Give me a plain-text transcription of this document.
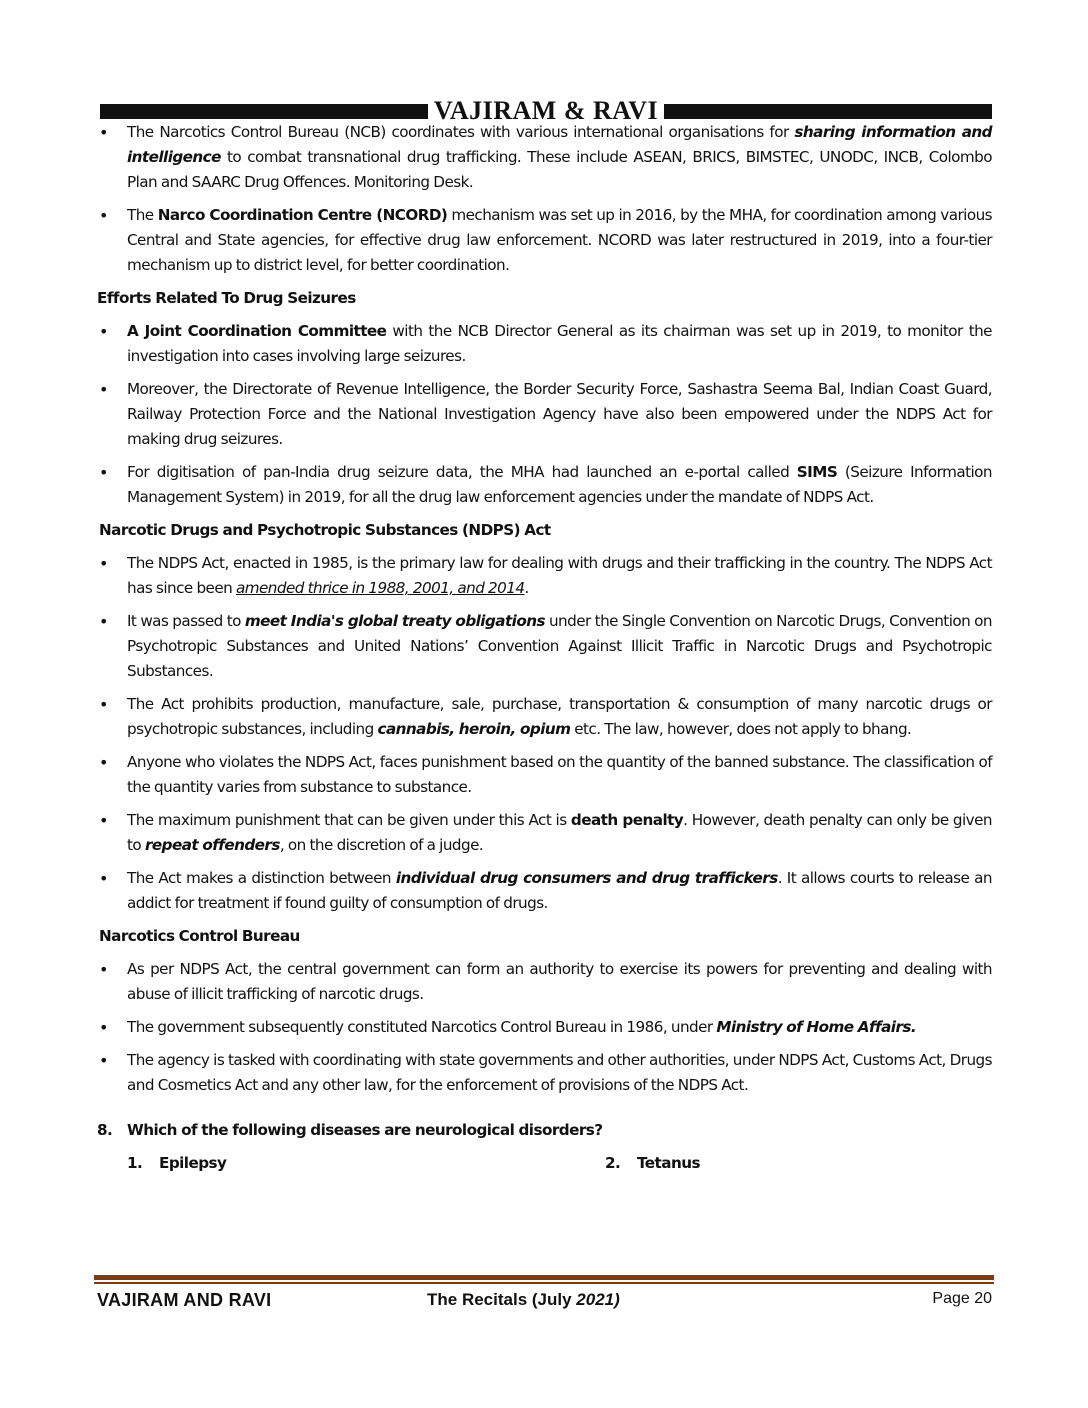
VAJIRAM & RAVI
• The Narcotics Control Bureau (NCB) coordinates with various international organisations for sharing information and intelligence to combat transnational drug trafficking. These include ASEAN, BRICS, BIMSTEC, UNODC, INCB, Colombo Plan and SAARC Drug Offences. Monitoring Desk.
• The Narco Coordination Centre (NCORD) mechanism was set up in 2016, by the MHA, for coordination among various Central and State agencies, for effective drug law enforcement. NCORD was later restructured in 2019, into a four-tier mechanism up to district level, for better coordination.
Efforts Related To Drug Seizures
• A Joint Coordination Committee with the NCB Director General as its chairman was set up in 2019, to monitor the investigation into cases involving large seizures.
• Moreover, the Directorate of Revenue Intelligence, the Border Security Force, Sashastra Seema Bal, Indian Coast Guard, Railway Protection Force and the National Investigation Agency have also been empowered under the NDPS Act for making drug seizures.
• For digitisation of pan-India drug seizure data, the MHA had launched an e-portal called SIMS (Seizure Information Management System) in 2019, for all the drug law enforcement agencies under the mandate of NDPS Act.
Narcotic Drugs and Psychotropic Substances (NDPS) Act
• The NDPS Act, enacted in 1985, is the primary law for dealing with drugs and their trafficking in the country. The NDPS Act has since been amended thrice in 1988, 2001, and 2014.
• It was passed to meet India's global treaty obligations under the Single Convention on Narcotic Drugs, Convention on Psychotropic Substances and United Nations’ Convention Against Illicit Traffic in Narcotic Drugs and Psychotropic Substances.
• The Act prohibits production, manufacture, sale, purchase, transportation & consumption of many narcotic drugs or psychotropic substances, including cannabis, heroin, opium etc. The law, however, does not apply to bhang.
• Anyone who violates the NDPS Act, faces punishment based on the quantity of the banned substance. The classification of the quantity varies from substance to substance.
• The maximum punishment that can be given under this Act is death penalty. However, death penalty can only be given to repeat offenders, on the discretion of a judge.
• The Act makes a distinction between individual drug consumers and drug traffickers. It allows courts to release an addict for treatment if found guilty of consumption of drugs.
Narcotics Control Bureau
• As per NDPS Act, the central government can form an authority to exercise its powers for preventing and dealing with abuse of illicit trafficking of narcotic drugs.
• The government subsequently constituted Narcotics Control Bureau in 1986, under Ministry of Home Affairs.
• The agency is tasked with coordinating with state governments and other authorities, under NDPS Act, Customs Act, Drugs and Cosmetics Act and any other law, for the enforcement of provisions of the NDPS Act.
8. Which of the following diseases are neurological disorders?
1.	Epilepsy	2.	Tetanus
VAJIRAM AND RAVI	The Recitals (July 2021)	Page 20
